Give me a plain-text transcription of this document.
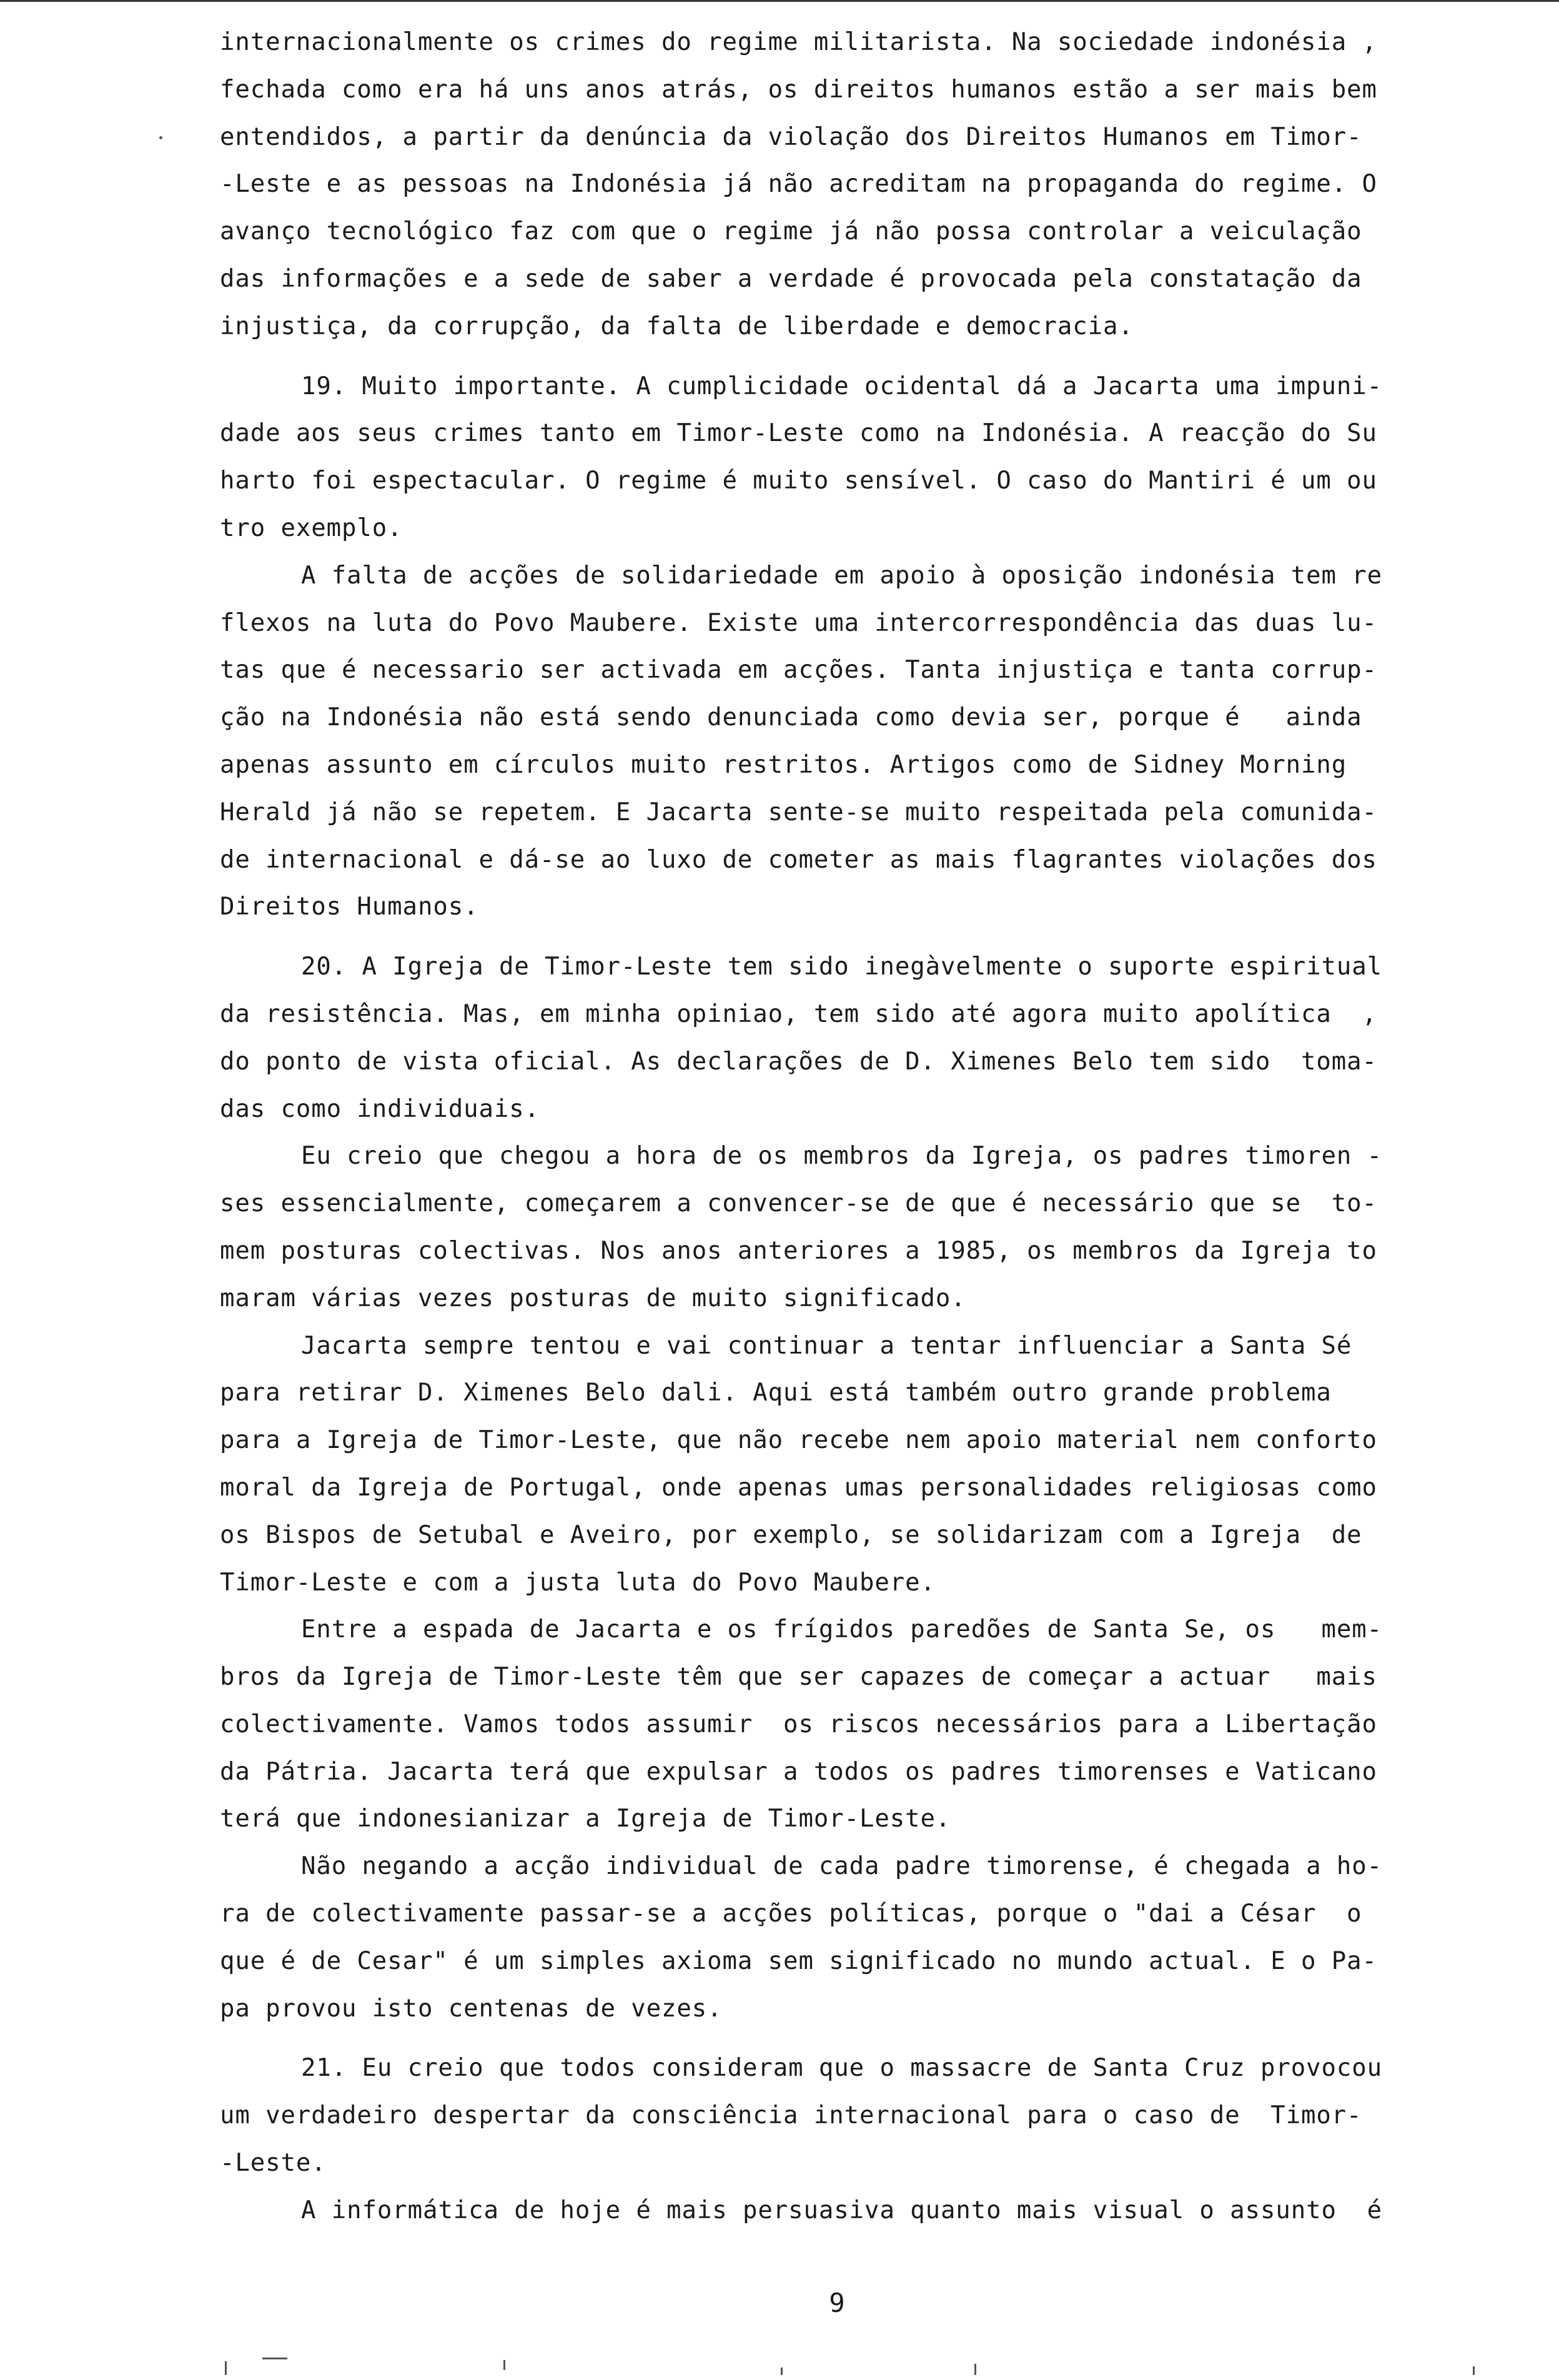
internacionalmente os crimes do regime militarista. Na sociedade indonésia ,
fechada como era há uns anos atrás, os direitos humanos estão a ser mais bem
entendidos, a partir da denúncia da violação dos Direitos Humanos em Timor-
-Leste e as pessoas na Indonésia já não acreditam na propaganda do regime. O
avanço tecnológico faz com que o regime já não possa controlar a veiculação
das informações e a sede de saber a verdade é provocada pela constatação da
injustiça, da corrupção, da falta de liberdade e democracia.
19. Muito importante. A cumplicidade ocidental dá a Jacarta uma impuni-
dade aos seus crimes tanto em Timor-Leste como na Indonésia. A reacção do Su
harto foi espectacular. O regime é muito sensível. O caso do Mantiri é um ou
tro exemplo.
A falta de acções de solidariedade em apoio à oposição indonésia tem re
flexos na luta do Povo Maubere. Existe uma intercorrespondência das duas lu-
tas que é necessario ser activada em acções. Tanta injustiça e tanta corrup-
ção na Indonésia não está sendo denunciada como devia ser, porque é   ainda
apenas assunto em círculos muito restritos. Artigos como de Sidney Morning
Herald já não se repetem. E Jacarta sente-se muito respeitada pela comunida-
de internacional e dá-se ao luxo de cometer as mais flagrantes violações dos
Direitos Humanos.
20. A Igreja de Timor-Leste tem sido inegàvelmente o suporte espiritual
da resistência. Mas, em minha opiniao, tem sido até agora muito apolítica  ,
do ponto de vista oficial. As declarações de D. Ximenes Belo tem sido  toma-
das como individuais.
Eu creio que chegou a hora de os membros da Igreja, os padres timoren -
ses essencialmente, começarem a convencer-se de que é necessário que se  to-
mem posturas colectivas. Nos anos anteriores a 1985, os membros da Igreja to
maram várias vezes posturas de muito significado.
Jacarta sempre tentou e vai continuar a tentar influenciar a Santa Sé
para retirar D. Ximenes Belo dali. Aqui está também outro grande problema
para a Igreja de Timor-Leste, que não recebe nem apoio material nem conforto
moral da Igreja de Portugal, onde apenas umas personalidades religiosas como
os Bispos de Setubal e Aveiro, por exemplo, se solidarizam com a Igreja  de
Timor-Leste e com a justa luta do Povo Maubere.
Entre a espada de Jacarta e os frígidos paredões de Santa Se, os   mem-
bros da Igreja de Timor-Leste têm que ser capazes de começar a actuar   mais
colectivamente. Vamos todos assumir  os riscos necessários para a Libertação
da Pátria. Jacarta terá que expulsar a todos os padres timorenses e Vaticano
terá que indonesianizar a Igreja de Timor-Leste.
Não negando a acção individual de cada padre timorense, é chegada a ho-
ra de colectivamente passar-se a acções políticas, porque o "dai a César  o
que é de Cesar" é um simples axioma sem significado no mundo actual. E o Pa-
pa provou isto centenas de vezes.
21. Eu creio que todos consideram que o massacre de Santa Cruz provocou
um verdadeiro despertar da consciência internacional para o caso de  Timor-
-Leste.
A informática de hoje é mais persuasiva quanto mais visual o assunto  é
9
